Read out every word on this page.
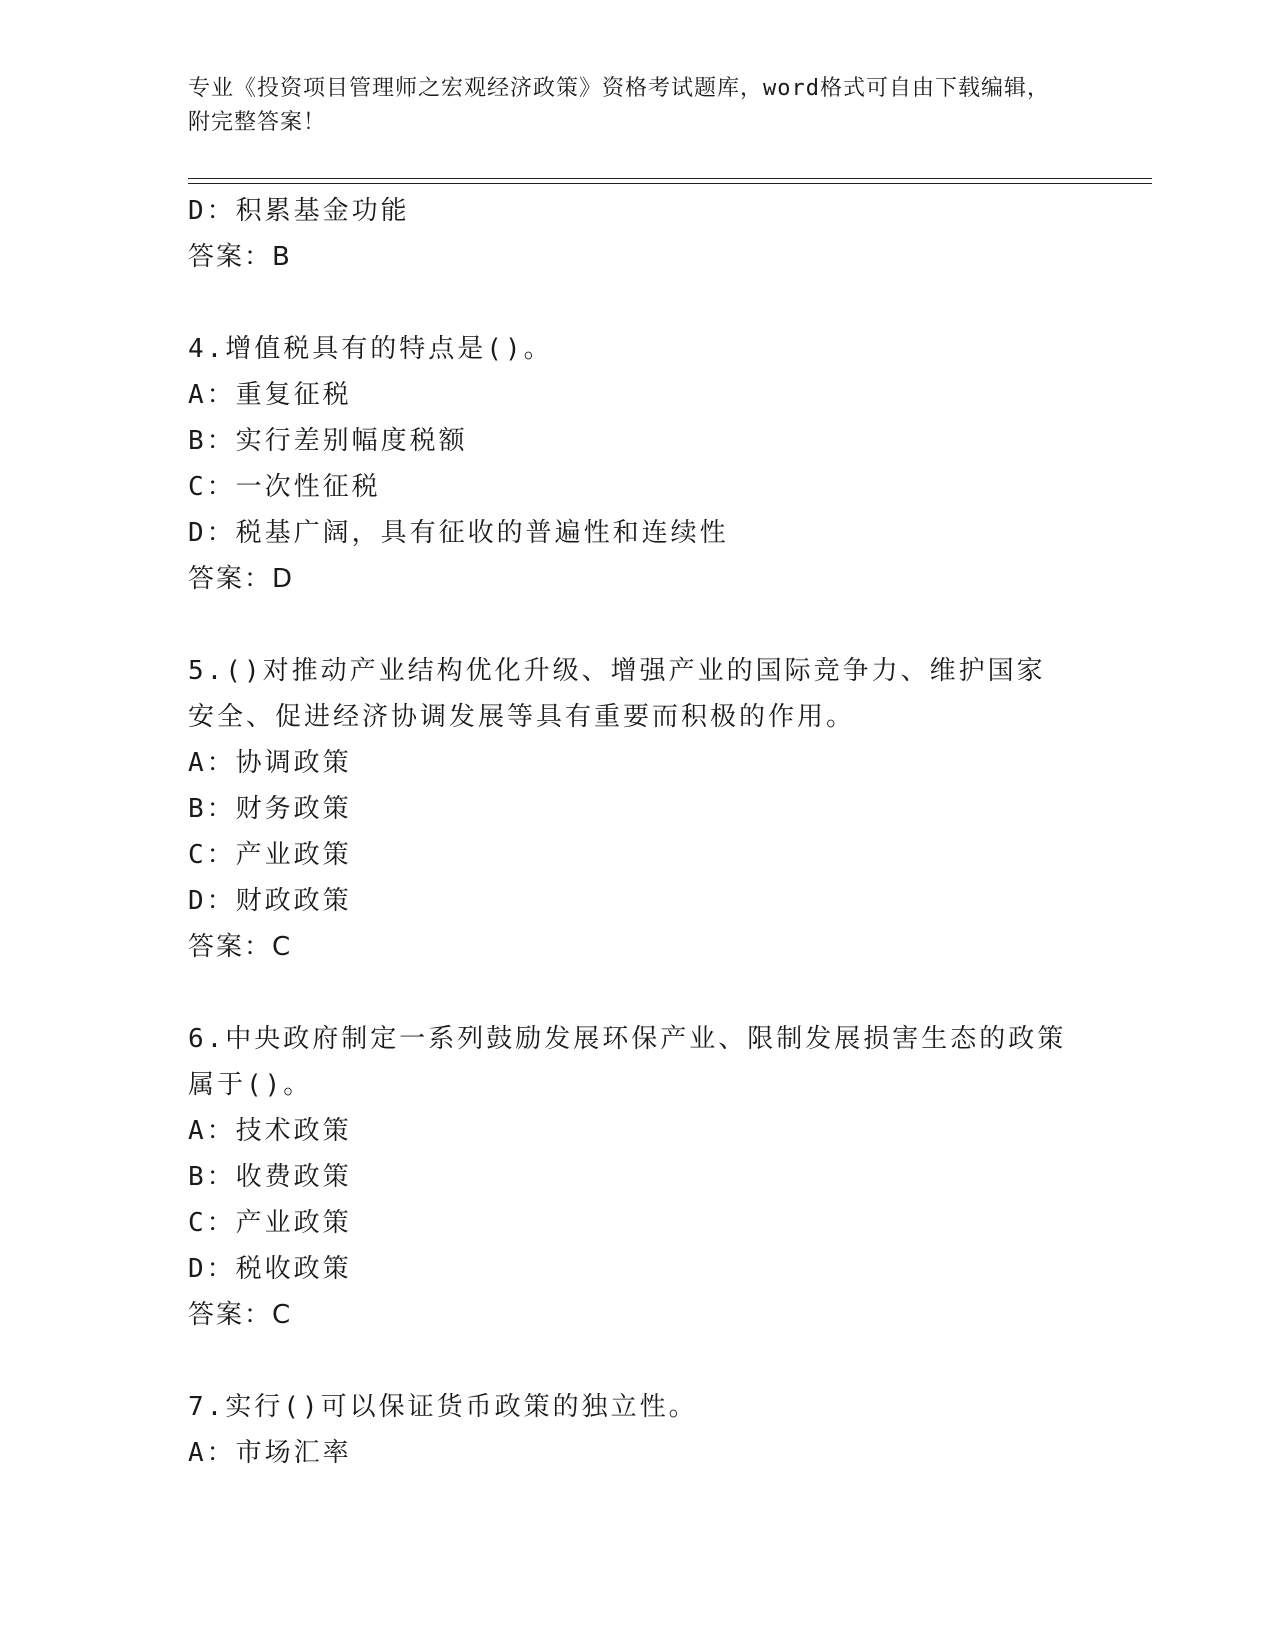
专业《投资项目管理师之宏观经济政策》资格考试题库，word格式可自由下载编辑，附完整答案！
D：积累基金功能
答案：B
4.增值税具有的特点是()。
A：重复征税
B：实行差别幅度税额
C：一次性征税
D：税基广阔，具有征收的普遍性和连续性
答案：D
5.()对推动产业结构优化升级、增强产业的国际竞争力、维护国家安全、促进经济协调发展等具有重要而积极的作用。
A：协调政策
B：财务政策
C：产业政策
D：财政政策
答案：C
6.中央政府制定一系列鼓励发展环保产业、限制发展损害生态的政策属于()。
A：技术政策
B：收费政策
C：产业政策
D：税收政策
答案：C
7.实行()可以保证货币政策的独立性。
A：市场汇率
